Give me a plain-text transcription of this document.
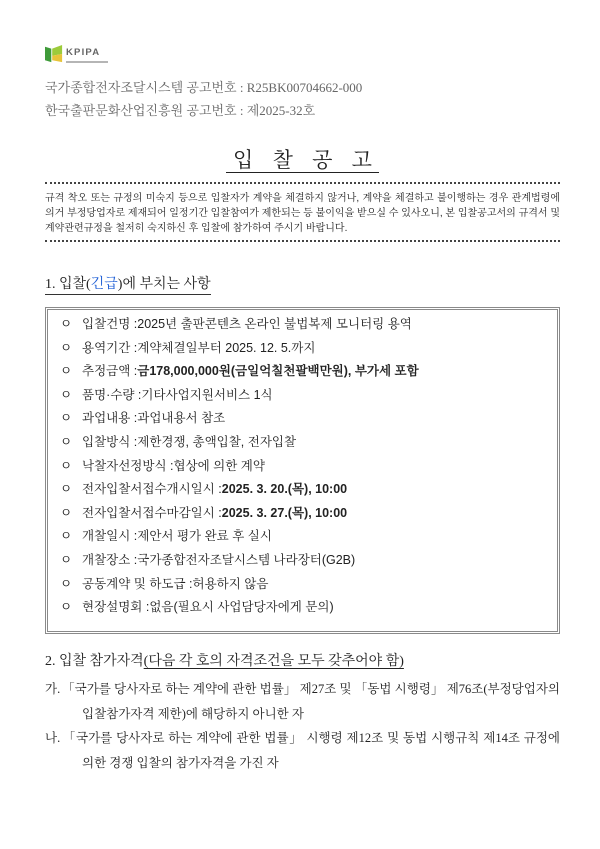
KPIPA
국가종합전자조달시스템 공고번호 : R25BK00704662-000
한국출판문화산업진흥원 공고번호 : 제2025-32호
입 찰 공 고
규격 착오 또는 규정의 미숙지 등으로 입찰자가 계약을 체결하지 않거나, 계약을 체결하고 불이행하는 경우 관계법령에 의거 부정당업자로 제재되어 일정기간 입찰참여가 제한되는 등 불이익을 받으실 수 있사오니, 본 입찰공고서의 규격서 및 계약관련규정을 철저히 숙지하신 후 입찰에 참가하여 주시기 바랍니다.
1. 입찰(긴급)에 부치는 사항
ㅇ 입찰건명 : 2025년 출판콘텐츠 온라인 불법복제 모니터링 용역
ㅇ 용역기간 : 계약체결일부터 2025. 12. 5.까지
ㅇ 추정금액 : 금178,000,000원(금일억칠천팔백만원), 부가세 포함
ㅇ 품명·수량 : 기타사업지원서비스 1식
ㅇ 과업내용 : 과업내용서 참조
ㅇ 입찰방식 : 제한경쟁, 총액입찰, 전자입찰
ㅇ 낙찰자선정방식 : 협상에 의한 계약
ㅇ 전자입찰서접수개시일시 : 2025. 3. 20.(목), 10:00
ㅇ 전자입찰서접수마감일시 : 2025. 3. 27.(목), 10:00
ㅇ 개찰일시 : 제안서 평가 완료 후 실시
ㅇ 개찰장소 : 국가종합전자조달시스템 나라장터(G2B)
ㅇ 공동계약 및 하도급 : 허용하지 않음
ㅇ 현장설명회 : 없음(필요시 사업담당자에게 문의)
2. 입찰 참가자격(다음 각 호의 자격조건을 모두 갖추어야 함)
가. 「국가를 당사자로 하는 계약에 관한 법률」 제27조 및 「동법 시행령」 제76조(부정당업자의 입찰참가자격 제한)에 해당하지 아니한 자
나. 「국가를 당사자로 하는 계약에 관한 법률」 시행령 제12조 및 동법 시행규칙 제14조 규정에 의한 경쟁 입찰의 참가자격을 가진 자
